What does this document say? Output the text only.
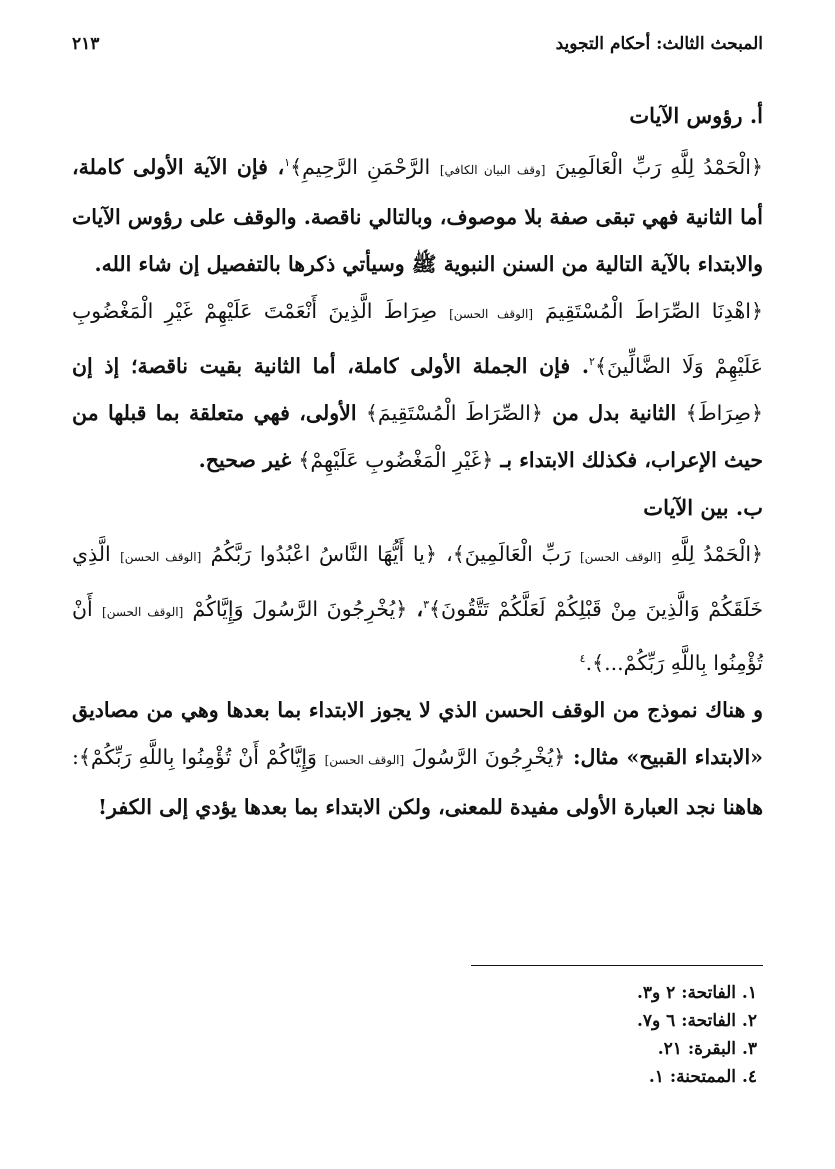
المبحث الثالث: أحكام التجويد
٢١٣

أ. رؤوس الآيات

﴿الْحَمْدُ لِلَّهِ رَبِّ الْعَالَمِينَ [وقف البيان الكافي] الرَّحْمَنِ الرَّحِيمِ﴾$^١$، فإن الآية الأولى كاملة، أما الثانية فهي تبقى صفة بلا موصوف، وبالتالي ناقصة. والوقف على رؤوس الآيات والابتداء بالآية التالية من السنن النبوية ﷺ وسيأتي ذكرها بالتفصيل إن شاء الله.

﴿اهْدِنَا الصِّرَاطَ الْمُسْتَقِيمَ [الوقف الحسن] صِرَاطَ الَّذِينَ أَنْعَمْتَ عَلَيْهِمْ غَيْرِ الْمَغْضُوبِ عَلَيْهِمْ وَلَا الضَّالِّينَ﴾$^٢$. فإن الجملة الأولى كاملة، أما الثانية بقيت ناقصة؛ إذ إن ﴿صِرَاطَ﴾ الثانية بدل من ﴿الصِّرَاطَ الْمُسْتَقِيمَ﴾ الأولى، فهي متعلقة بما قبلها من حيث الإعراب، فكذلك الابتداء بـ ﴿غَيْرِ الْمَغْضُوبِ عَلَيْهِمْ﴾ غير صحيح.

ب. بين الآيات

﴿الْحَمْدُ لِلَّهِ [الوقف الحسن] رَبِّ الْعَالَمِينَ﴾، ﴿يا أَيُّهَا النَّاسُ اعْبُدُوا رَبَّكُمُ [الوقف الحسن] الَّذِي خَلَقَكُمْ وَالَّذِينَ مِنْ قَبْلِكُمْ لَعَلَّكُمْ تَتَّقُونَ﴾$^٣$، ﴿يُخْرِجُونَ الرَّسُولَ وَإِيَّاكُمْ [الوقف الحسن] أَنْ تُؤْمِنُوا بِاللَّهِ رَبِّكُمْ...﴾.$^٤$

و هناك نموذج من الوقف الحسن الذي لا يجوز الابتداء بما بعدها وهي من مصاديق «الابتداء القبيح» مثال: ﴿يُخْرِجُونَ الرَّسُولَ [الوقف الحسن] وَإِيَّاكُمْ أَنْ تُؤْمِنُوا بِاللَّهِ رَبِّكُمْ﴾: هاهنا نجد العبارة الأولى مفيدة للمعنى، ولكن الابتداء بما بعدها يؤدي إلى الكفر!

١. الفاتحة: ٢ و٣.
٢. الفاتحة: ٦ و٧.
٣. البقرة: ٢١.
٤. الممتحنة: ١.
